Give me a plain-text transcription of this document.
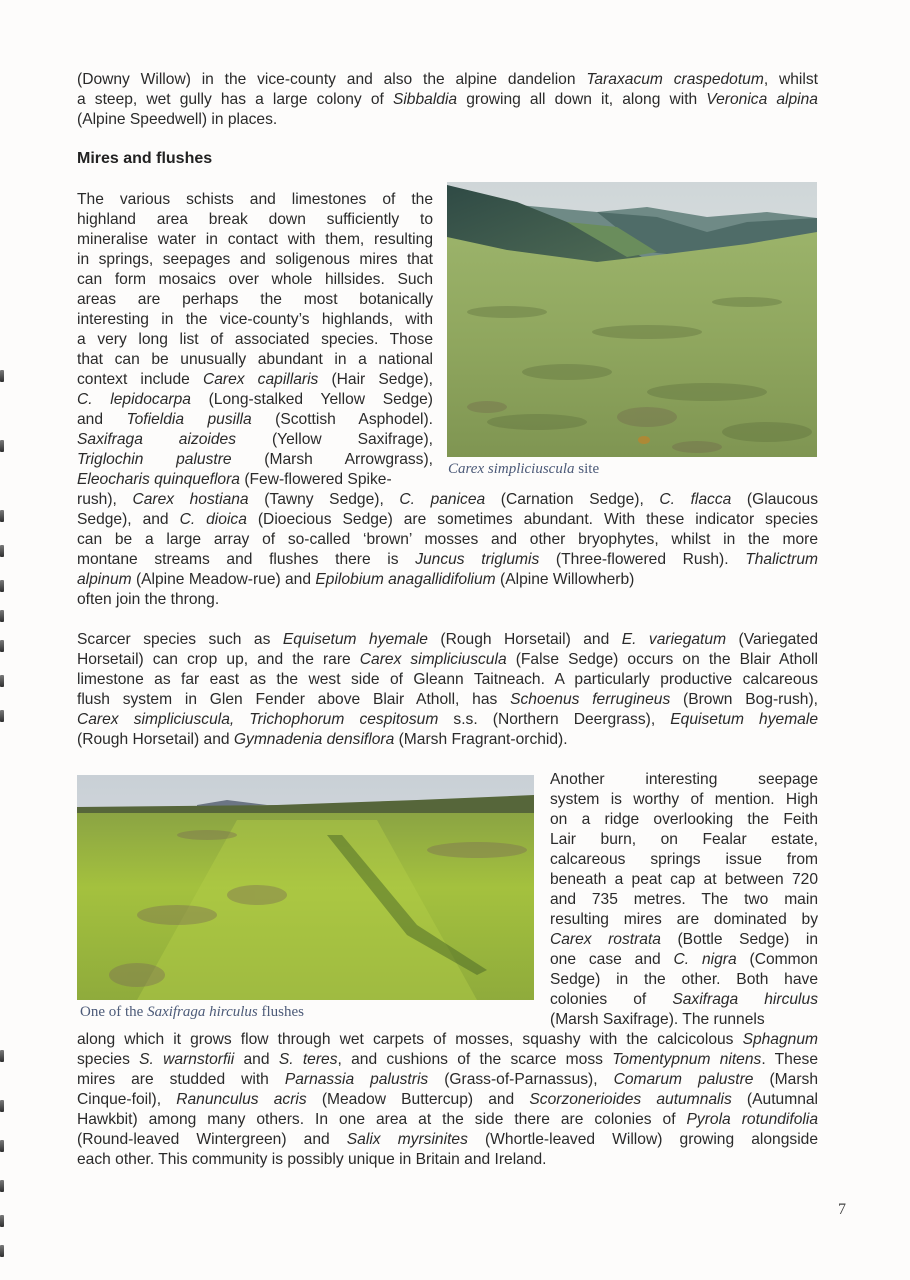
(Downy Willow) in the vice-county and also the alpine dandelion Taraxacum craspedotum, whilst
a steep, wet gully has a large colony of Sibbaldia growing all down it, along with Veronica alpina
(Alpine Speedwell) in places.
Mires and flushes
The various schists and limestones of the
highland area break down sufficiently to
mineralise water in contact with them, resulting
in springs, seepages and soligenous mires that
can form mosaics over whole hillsides. Such
areas are perhaps the most botanically
interesting in the vice-county’s highlands, with
a very long list of associated species. Those
that can be unusually abundant in a national
context include Carex capillaris (Hair Sedge),
C. lepidocarpa (Long-stalked Yellow Sedge)
and Tofieldia pusilla (Scottish Asphodel).
Saxifraga aizoides (Yellow Saxifrage),
Triglochin palustre (Marsh Arrowgrass),
Eleocharis quinqueflora (Few-flowered Spike-
Carex simpliciuscula site
rush), Carex hostiana (Tawny Sedge), C. panicea (Carnation Sedge), C. flacca (Glaucous
Sedge), and C. dioica (Dioecious Sedge) are sometimes abundant. With these indicator species
can be a large array of so-called ‘brown’ mosses and other bryophytes, whilst in the more
montane streams and flushes there is Juncus triglumis (Three-flowered Rush). Thalictrum
alpinum (Alpine Meadow-rue) and Epilobium anagallidifolium (Alpine Willowherb)
often join the throng.
Scarcer species such as Equisetum hyemale (Rough Horsetail) and E. variegatum (Variegated
Horsetail) can crop up, and the rare Carex simpliciuscula (False Sedge) occurs on the Blair Atholl
limestone as far east as the west side of Gleann Taitneach. A particularly productive calcareous
flush system in Glen Fender above Blair Atholl, has Schoenus ferrugineus (Brown Bog-rush),
Carex simpliciuscula, Trichophorum cespitosum s.s. (Northern Deergrass), Equisetum hyemale
(Rough Horsetail) and Gymnadenia densiflora (Marsh Fragrant-orchid).
One of the Saxifraga hirculus flushes
Another interesting seepage
system is worthy of mention. High
on a ridge overlooking the Feith
Lair burn, on Fealar estate,
calcareous springs issue from
beneath a peat cap at between 720
and 735 metres. The two main
resulting mires are dominated by
Carex rostrata (Bottle Sedge) in
one case and C. nigra (Common
Sedge) in the other. Both have
colonies of Saxifraga hirculus
(Marsh Saxifrage). The runnels
along which it grows flow through wet carpets of mosses, squashy with the calcicolous Sphagnum
species S. warnstorfii and S. teres, and cushions of the scarce moss Tomentypnum nitens. These
mires are studded with Parnassia palustris (Grass-of-Parnassus), Comarum palustre (Marsh
Cinque-foil), Ranunculus acris (Meadow Buttercup) and Scorzonerioides autumnalis (Autumnal
Hawkbit) among many others. In one area at the side there are colonies of Pyrola rotundifolia
(Round-leaved Wintergreen) and Salix myrsinites (Whortle-leaved Willow) growing alongside
each other. This community is possibly unique in Britain and Ireland.
7
